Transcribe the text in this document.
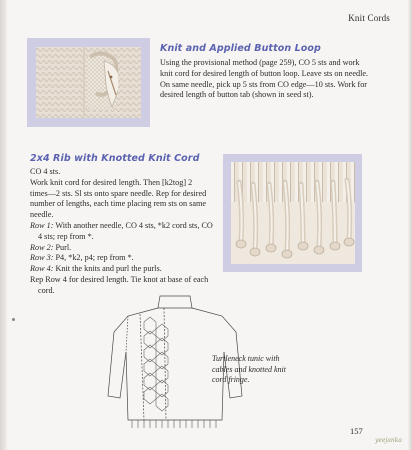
Knit Cords
Knit and Applied Button Loop

Using the provisional method (page 259), CO 5 sts and work
knit cord for desired length of button loop. Leave sts on needle.
On same needle, pick up 5 sts from CO edge—10 sts. Work for
desired length of button tab (shown in seed st).

2x4 Rib with Knotted Knit Cord

CO 4 sts.
Work knit cord for desired length. Then [k2tog] 2
times—2 sts. Sl sts onto spare needle. Rep for desired
number of lengths, each time placing rem sts on same
needle.
Row 1: With another needle, CO 4 sts, *k2 cord sts, CO
4 sts; rep from *.
Row 2: Purl.
Row 3: P4, *k2, p4; rep from *.
Row 4: Knit the knits and purl the purls.
Rep Row 4 for desired length. Tie knot at base of each
cord.

Turtleneck tunic with
cables and knotted knit
cord fringe.
157
yeejanka
